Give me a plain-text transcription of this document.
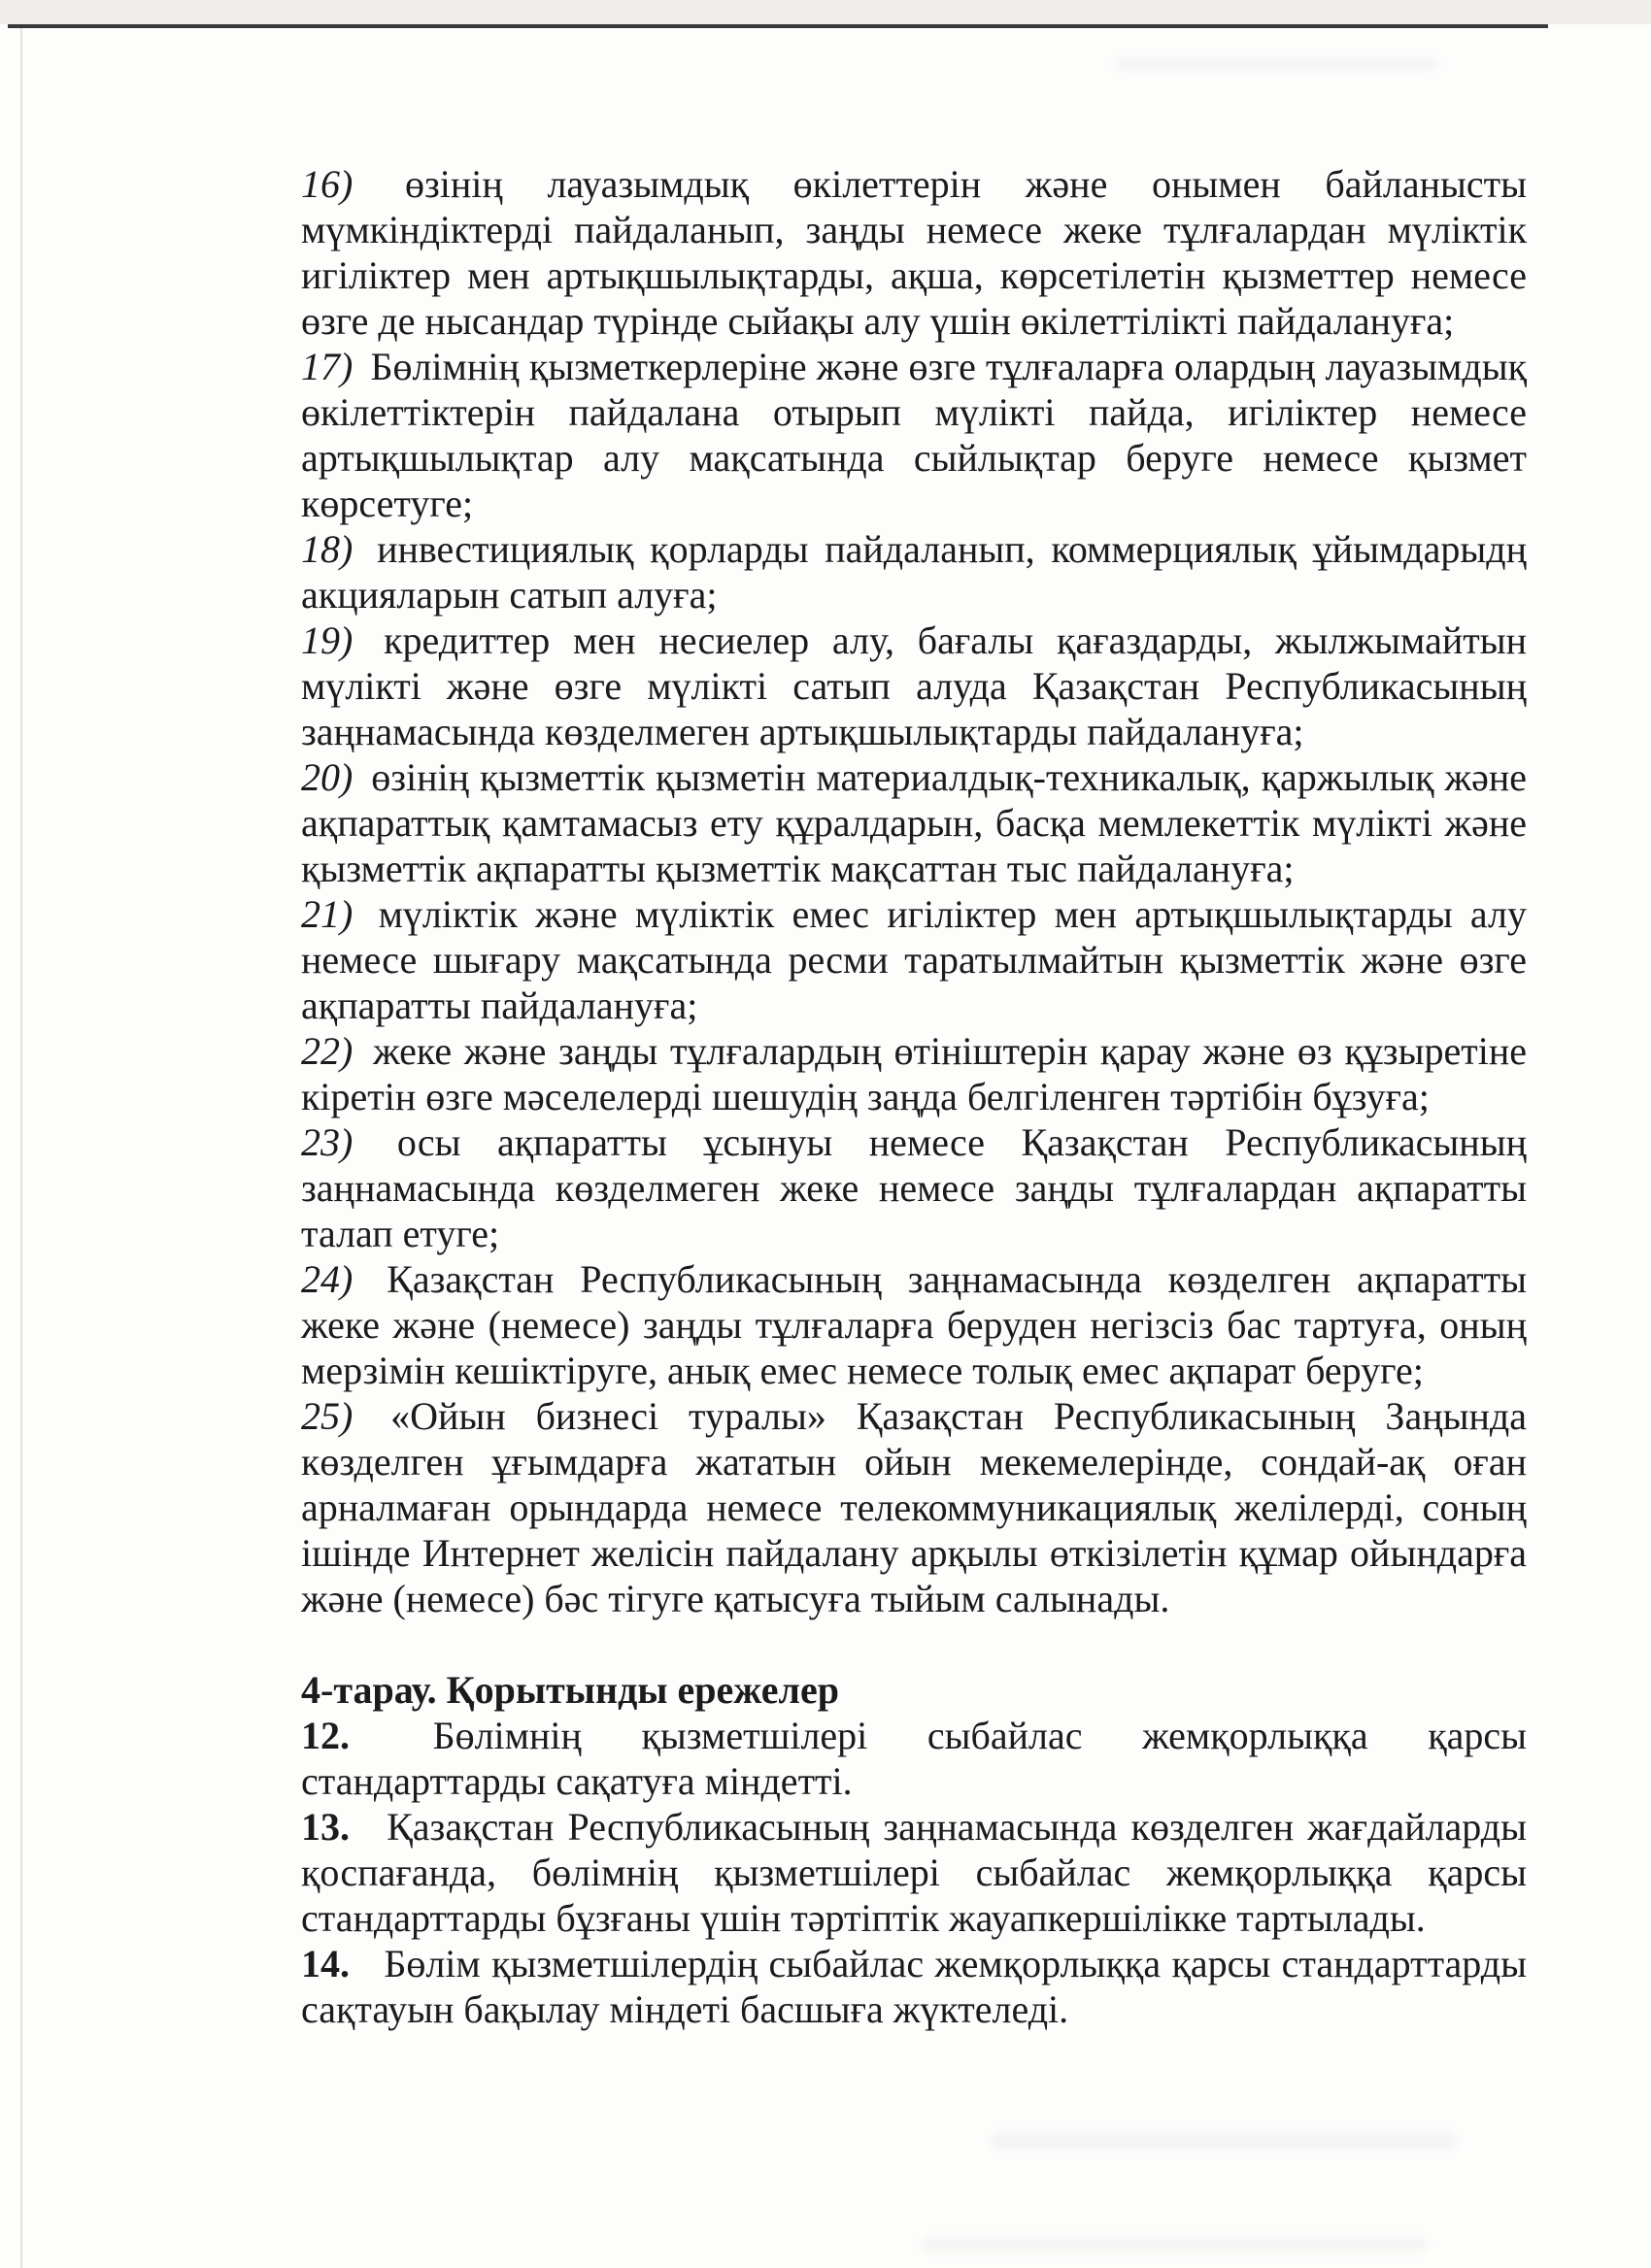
16) өзінің лауазымдық өкілеттерін және онымен байланысты мүмкіндіктерді пайдаланып, заңды немесе жеке тұлғалардан мүліктік игіліктер мен артықшылықтарды, ақша, көрсетілетін қызметтер немесе өзге де нысандар түрінде сыйақы алу үшін өкілеттілікті пайдалануға;

17) Бөлімнің қызметкерлеріне және өзге тұлғаларға олардың лауазымдық өкілеттіктерін пайдалана отырып мүлікті пайда, игіліктер немесе артықшылықтар алу мақсатында сыйлықтар беруге немесе қызмет көрсетуге;

18) инвестициялық қорларды пайдаланып, коммерциялық ұйымдарыдң акцияларын сатып алуға;

19) кредиттер мен несиелер алу, бағалы қағаздарды, жылжымайтын мүлікті және өзге мүлікті сатып алуда Қазақстан Республикасының заңнамасында көзделмеген артықшылықтарды пайдалануға;

20) өзінің қызметтік қызметін материалдық-техникалық, қаржылық және ақпараттық қамтамасыз ету құралдарын, басқа мемлекеттік мүлікті және қызметтік ақпаратты қызметтік мақсаттан тыс пайдалануға;

21) мүліктік және мүліктік емес игіліктер мен артықшылықтарды алу немесе шығару мақсатында ресми таратылмайтын қызметтік және өзге ақпаратты пайдалануға;

22) жеке және заңды тұлғалардың өтініштерін қарау және өз құзыретіне кіретін өзге мәселелерді шешудің заңда белгіленген тәртібін бұзуға;

23) осы ақпаратты ұсынуы немесе Қазақстан Республикасының заңнамасында көзделмеген жеке немесе заңды тұлғалардан ақпаратты талап етуге;

24) Қазақстан Республикасының заңнамасында көзделген ақпаратты жеке және (немесе) заңды тұлғаларға беруден негізсіз бас тартуға, оның мерзімін кешіктіруге, анық емес немесе толық емес ақпарат беруге;

25) «Ойын бизнесі туралы» Қазақстан Республикасының Заңында көзделген ұғымдарға жататын ойын мекемелерінде, сондай-ақ оған арналмаған орындарда немесе телекоммуникациялық желілерді, соның ішінде Интернет желісін пайдалану арқылы өткізілетін құмар ойындарға және (немесе) бәс тігуге қатысуға тыйым салынады.

4-тарау. Қорытынды ережелер

12. Бөлімнің қызметшілері сыбайлас жемқорлыққа қарсы стандарттарды сақатуға міндетті.

13. Қазақстан Республикасының заңнамасында көзделген жағдайларды қоспағанда, бөлімнің қызметшілері сыбайлас жемқорлыққа қарсы стандарттарды бұзғаны үшін тәртіптік жауапкершілікке тартылады.

14. Бөлім қызметшілердің сыбайлас жемқорлыққа қарсы стандарттарды сақтауын бақылау міндеті басшыға жүктеледі.
